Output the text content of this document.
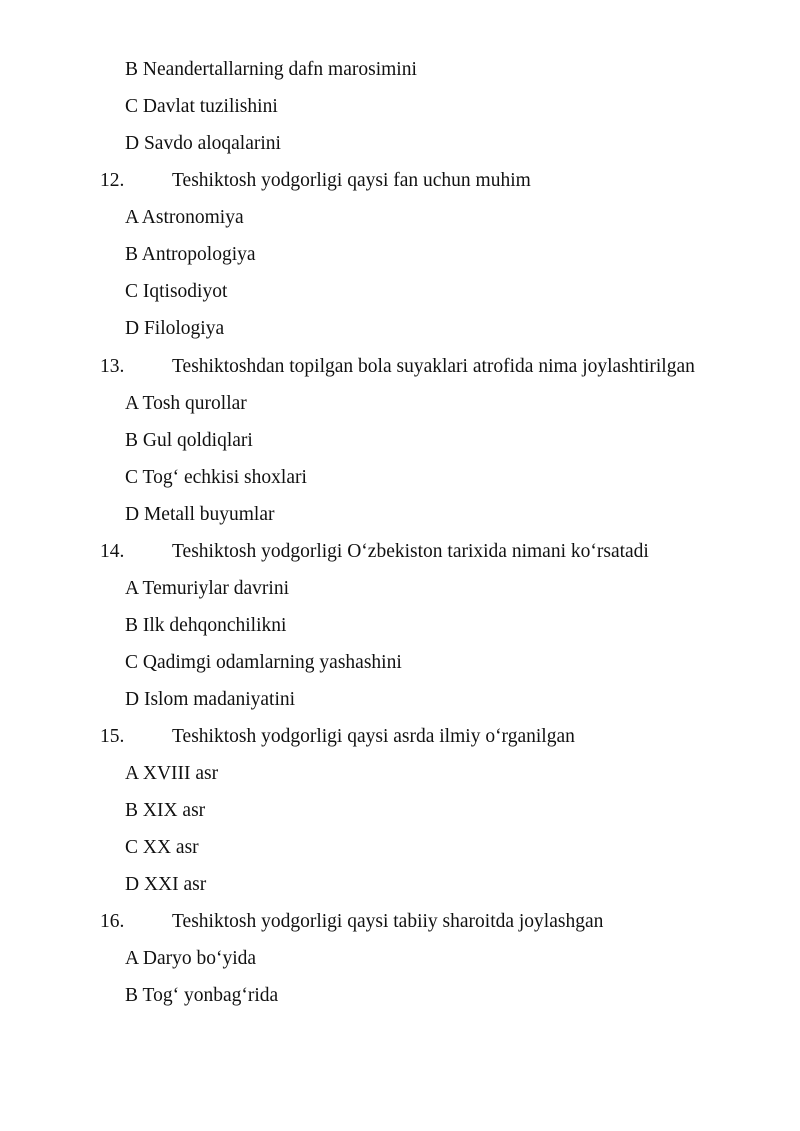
B Neandertallarning dafn marosimini
C Davlat tuzilishini
D Savdo aloqalarini
12. Teshiktosh yodgorligi qaysi fan uchun muhim
A Astronomiya
B Antropologiya
C Iqtisodiyot
D Filologiya
13. Teshiktoshdan topilgan bola suyaklari atrofida nima joylashtirilgan
A Tosh qurollar
B Gul qoldiqlari
C Tog‘ echkisi shoxlari
D Metall buyumlar
14. Teshiktosh yodgorligi O‘zbekiston tarixida nimani ko‘rsatadi
A Temuriylar davrini
B Ilk dehqonchilikni
C Qadimgi odamlarning yashashini
D Islom madaniyatini
15. Teshiktosh yodgorligi qaysi asrda ilmiy o‘rganilgan
A XVIII asr
B XIX asr
C XX asr
D XXI asr
16. Teshiktosh yodgorligi qaysi tabiiy sharoitda joylashgan
A Daryo bo‘yida
B Tog‘ yonbag‘rida
